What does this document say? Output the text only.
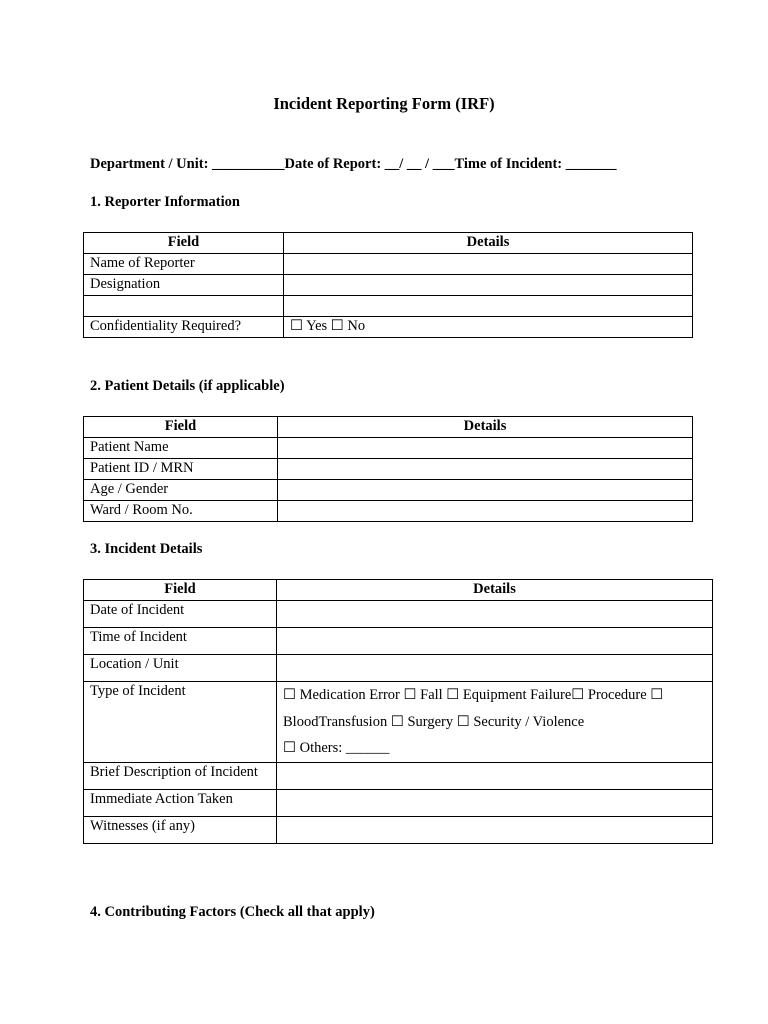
Incident Reporting Form (IRF)
Department / Unit: __________Date of Report: __/ __ / ___Time of Incident: _______
1. Reporter Information
Field	Details
Name of Reporter	
Designation	

Confidentiality Required?	☐ Yes ☐ No
2. Patient Details (if applicable)
Field	Details
Patient Name	
Patient ID / MRN	
Age / Gender	
Ward / Room No.	
3. Incident Details
Field	Details
Date of Incident	
Time of Incident	
Location / Unit	
Type of Incident	☐ Medication Error ☐ Fall ☐ Equipment Failure☐ Procedure ☐
BloodTransfusion ☐ Surgery ☐ Security / Violence
☐ Others: ______

Brief Description of Incident	
Immediate Action Taken	
Witnesses (if any)	
4. Contributing Factors (Check all that apply)
